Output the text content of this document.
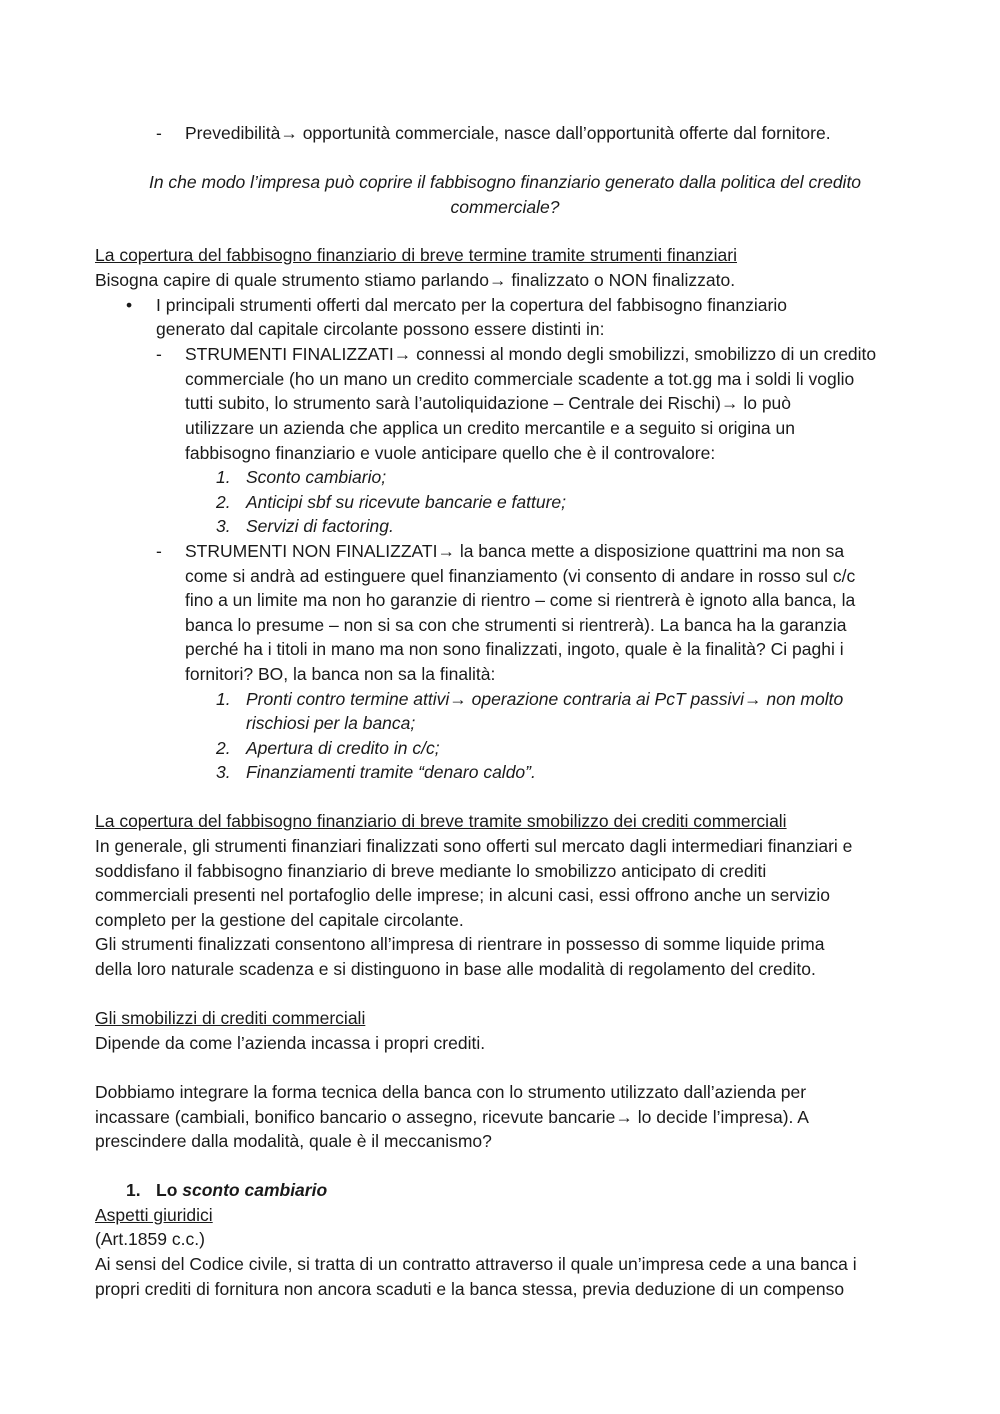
- Prevedibilità→ opportunità commerciale, nasce dall’opportunità offerte dal fornitore.
In che modo l’impresa può coprire il fabbisogno finanziario generato dalla politica del credito
commerciale?
La copertura del fabbisogno finanziario di breve termine tramite strumenti finanziari
Bisogna capire di quale strumento stiamo parlando→ finalizzato o NON finalizzato.
• I principali strumenti offerti dal mercato per la copertura del fabbisogno finanziario
generato dal capitale circolante possono essere distinti in:
- STRUMENTI FINALIZZATI→ connessi al mondo degli smobilizzi, smobilizzo di un credito
commerciale (ho un mano un credito commerciale scadente a tot.gg ma i soldi li voglio
tutti subito, lo strumento sarà l’autoliquidazione – Centrale dei Rischi)→ lo può
utilizzare un azienda che applica un credito mercantile e a seguito si origina un
fabbisogno finanziario e vuole anticipare quello che è il controvalore:
1. Sconto cambiario;
2. Anticipi sbf su ricevute bancarie e fatture;
3. Servizi di factoring.
- STRUMENTI NON FINALIZZATI→ la banca mette a disposizione quattrini ma non sa
come si andrà ad estinguere quel finanziamento (vi consento di andare in rosso sul c/c
fino a un limite ma non ho garanzie di rientro – come si rientrerà è ignoto alla banca, la
banca lo presume – non si sa con che strumenti si rientrerà). La banca ha la garanzia
perché ha i titoli in mano ma non sono finalizzati, ingoto, quale è la finalità? Ci paghi i
fornitori? BO, la banca non sa la finalità:
1. Pronti contro termine attivi→ operazione contraria ai PcT passivi→ non molto
rischiosi per la banca;
2. Apertura di credito in c/c;
3. Finanziamenti tramite “denaro caldo”.
La copertura del fabbisogno finanziario di breve tramite smobilizzo dei crediti commerciali
In generale, gli strumenti finanziari finalizzati sono offerti sul mercato dagli intermediari finanziari e
soddisfano il fabbisogno finanziario di breve mediante lo smobilizzo anticipato di crediti
commerciali presenti nel portafoglio delle imprese; in alcuni casi, essi offrono anche un servizio
completo per la gestione del capitale circolante.
Gli strumenti finalizzati consentono all’impresa di rientrare in possesso di somme liquide prima
della loro naturale scadenza e si distinguono in base alle modalità di regolamento del credito.
Gli smobilizzi di crediti commerciali
Dipende da come l’azienda incassa i propri crediti.
Dobbiamo integrare la forma tecnica della banca con lo strumento utilizzato dall’azienda per
incassare (cambiali, bonifico bancario o assegno, ricevute bancarie→ lo decide l’impresa). A
prescindere dalla modalità, quale è il meccanismo?
1. Lo sconto cambiario
Aspetti giuridici
(Art.1859 c.c.)
Ai sensi del Codice civile, si tratta di un contratto attraverso il quale un’impresa cede a una banca i
propri crediti di fornitura non ancora scaduti e la banca stessa, previa deduzione di un compenso
